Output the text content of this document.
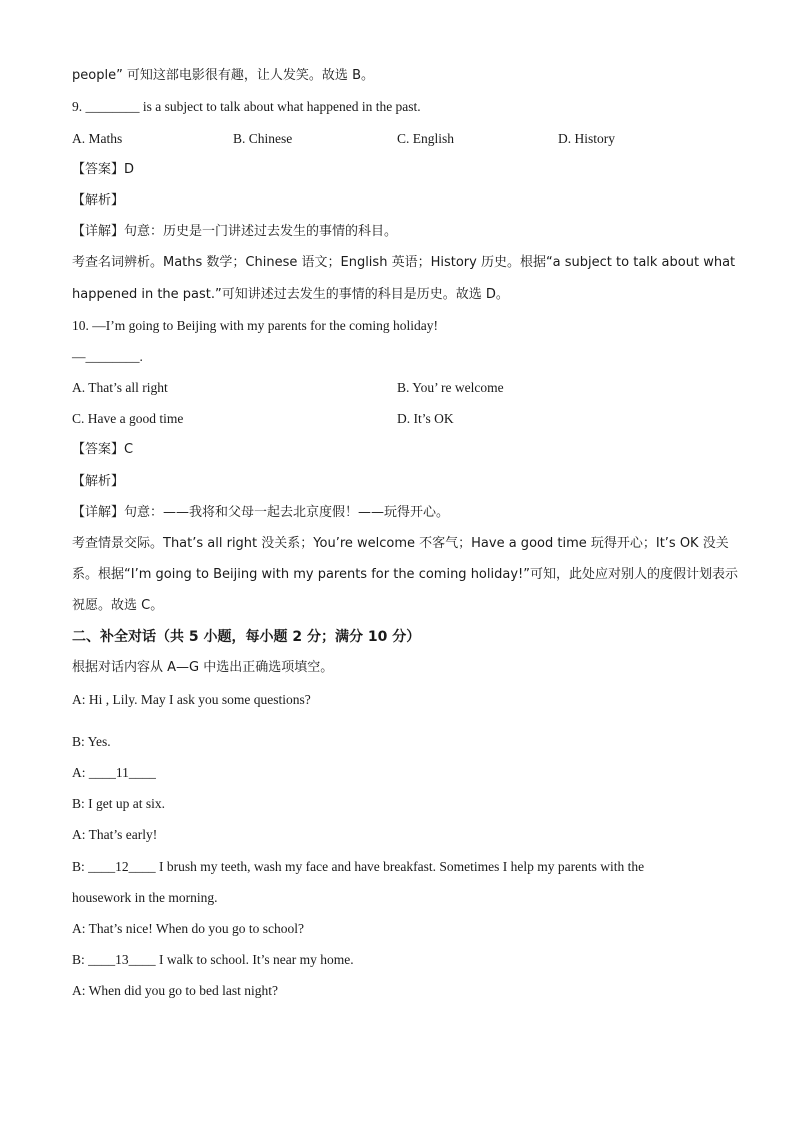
people” 可知这部电影很有趣，让人发笑。故选 B。
9. ________ is a subject to talk about what happened in the past.
A. Maths	B. Chinese	C. English	D. History
【答案】D
【解析】
【详解】句意：历史是一门讲述过去发生的事情的科目。
考查名词辨析。Maths 数学；Chinese 语文；English 英语；History 历史。根据“a subject to talk about what
happened in the past.”可知讲述过去发生的事情的科目是历史。故选 D。
10. —I’m going to Beijing with my parents for the coming holiday!
—________.
A. That’s all right	B. You’ re welcome
C. Have a good time	D. It’s OK
【答案】C
【解析】
【详解】句意：——我将和父母一起去北京度假！——玩得开心。
考查情景交际。That’s all right 没关系；You’re welcome 不客气；Have a good time 玩得开心；It’s OK 没关
系。根据“I’m going to Beijing with my parents for the coming holiday!”可知，此处应对别人的度假计划表示
祝愿。故选 C。
二、补全对话（共 5 小题，每小题 2 分；满分 10 分）
根据对话内容从 A—G 中选出正确选项填空。
A: Hi , Lily. May I ask you some questions?
B: Yes.
A: ____11____
B: I get up at six.
A: That’s early!
B: ____12____ I brush my teeth, wash my face and have breakfast. Sometimes I help my parents with the
housework in the morning.
A: That’s nice! When do you go to school?
B: ____13____ I walk to school. It’s near my home.
A: When did you go to bed last night?
